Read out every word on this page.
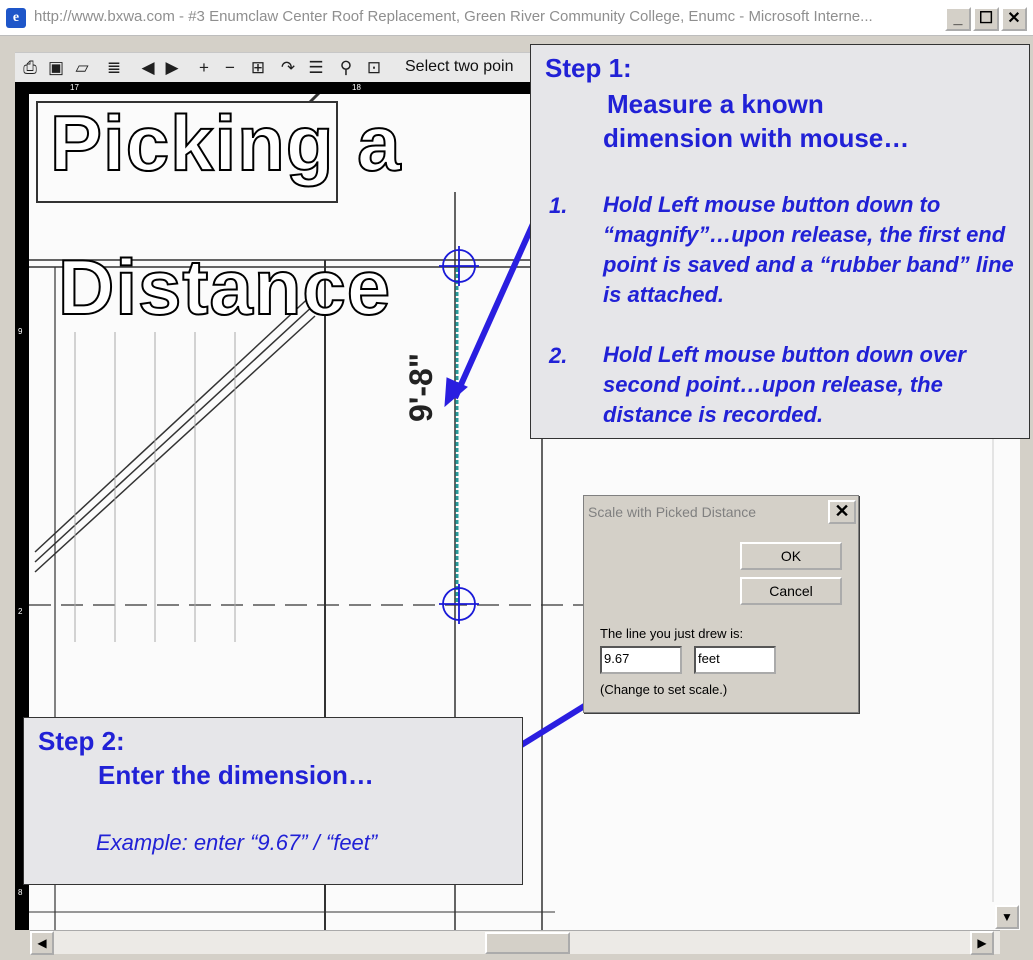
e http://www.bxwa.com - #3 Enumclaw Center Roof Replacement, Green River Community College, Enumc - Microsoft Interne...	_	☐ ✕
⎙ ▣ ▱ ≣ ◀ ▶	+ − ⊞ ↷ ☰ ⚲ ⊡ Select two poin
9'-8"
17	18
9
2
8
Picking a
Distance
Step 1:
Measure a known
dimension with mouse…
1. Hold Left mouse button down to “magnify”…upon release, the first end point is saved and a “rubber band” line is attached.
2. Hold Left mouse button down over second point…upon release, the distance is recorded.
Step 2:
Enter the dimension…
Example: enter “9.67” / “feet”
Scale with Picked Distance	✕
OK
Cancel
The line you just drew is:
9.67	feet
(Change to set scale.)
▼
◀	▶
